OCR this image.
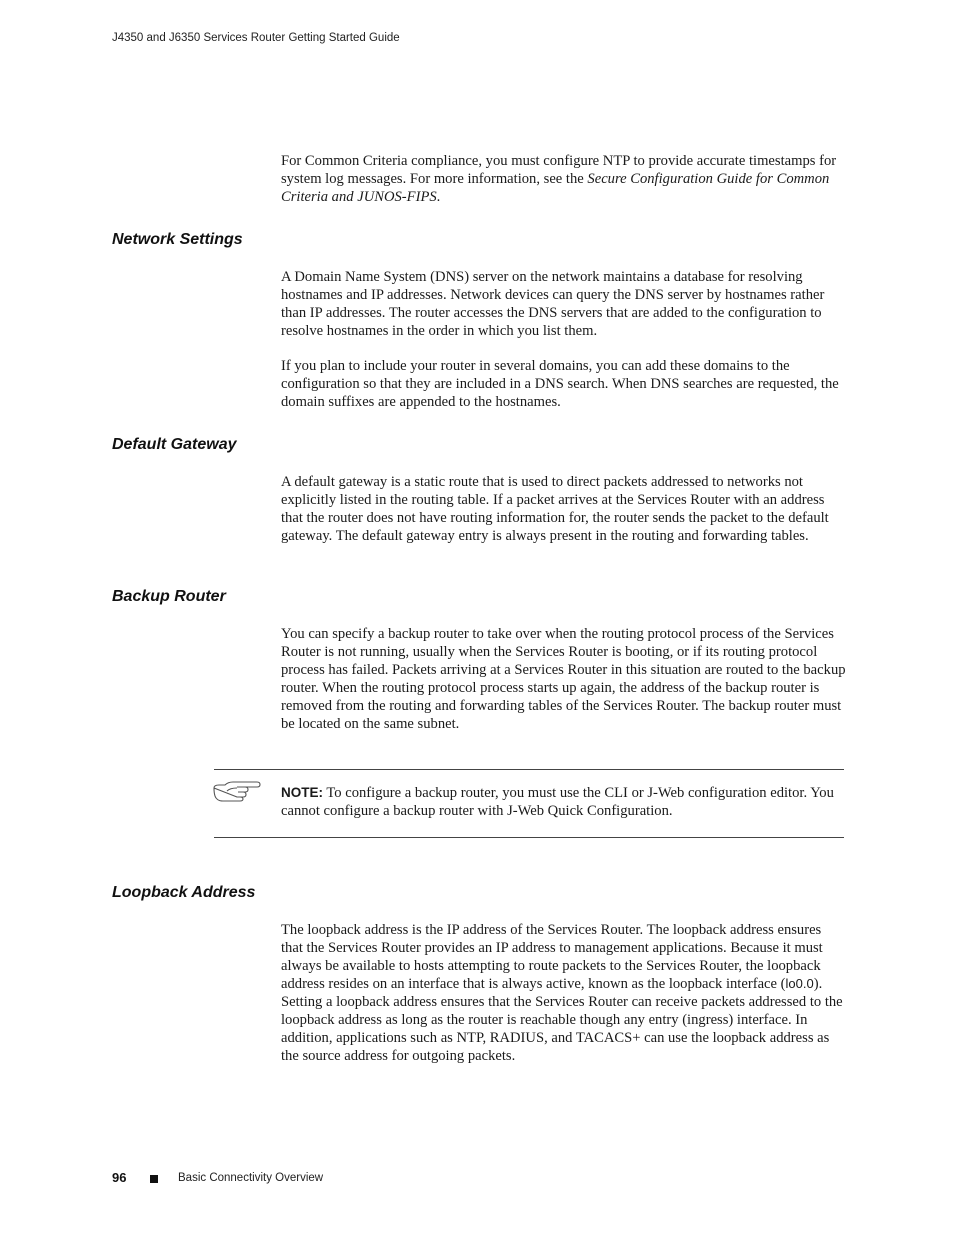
J4350 and J6350 Services Router Getting Started Guide

For Common Criteria compliance, you must configure NTP to provide accurate timestamps for system log messages. For more information, see the Secure Configuration Guide for Common Criteria and JUNOS-FIPS.

Network Settings

A Domain Name System (DNS) server on the network maintains a database for resolving hostnames and IP addresses. Network devices can query the DNS server by hostnames rather than IP addresses. The router accesses the DNS servers that are added to the configuration to resolve hostnames in the order in which you list them.

If you plan to include your router in several domains, you can add these domains to the configuration so that they are included in a DNS search. When DNS searches are requested, the domain suffixes are appended to the hostnames.

Default Gateway

A default gateway is a static route that is used to direct packets addressed to networks not explicitly listed in the routing table. If a packet arrives at the Services Router with an address that the router does not have routing information for, the router sends the packet to the default gateway. The default gateway entry is always present in the routing and forwarding tables.

Backup Router

You can specify a backup router to take over when the routing protocol process of the Services Router is not running, usually when the Services Router is booting, or if its routing protocol process has failed. Packets arriving at a Services Router in this situation are routed to the backup router. When the routing protocol process starts up again, the address of the backup router is removed from the routing and forwarding tables of the Services Router. The backup router must be located on the same subnet.

NOTE: To configure a backup router, you must use the CLI or J-Web configuration editor. You cannot configure a backup router with J-Web Quick Configuration.

Loopback Address

The loopback address is the IP address of the Services Router. The loopback address ensures that the Services Router provides an IP address to management applications. Because it must always be available to hosts attempting to route packets to the Services Router, the loopback address resides on an interface that is always active, known as the loopback interface (lo0.0). Setting a loopback address ensures that the Services Router can receive packets addressed to the loopback address as long as the router is reachable though any entry (ingress) interface. In addition, applications such as NTP, RADIUS, and TACACS+ can use the loopback address as the source address for outgoing packets.

96	Basic Connectivity Overview
